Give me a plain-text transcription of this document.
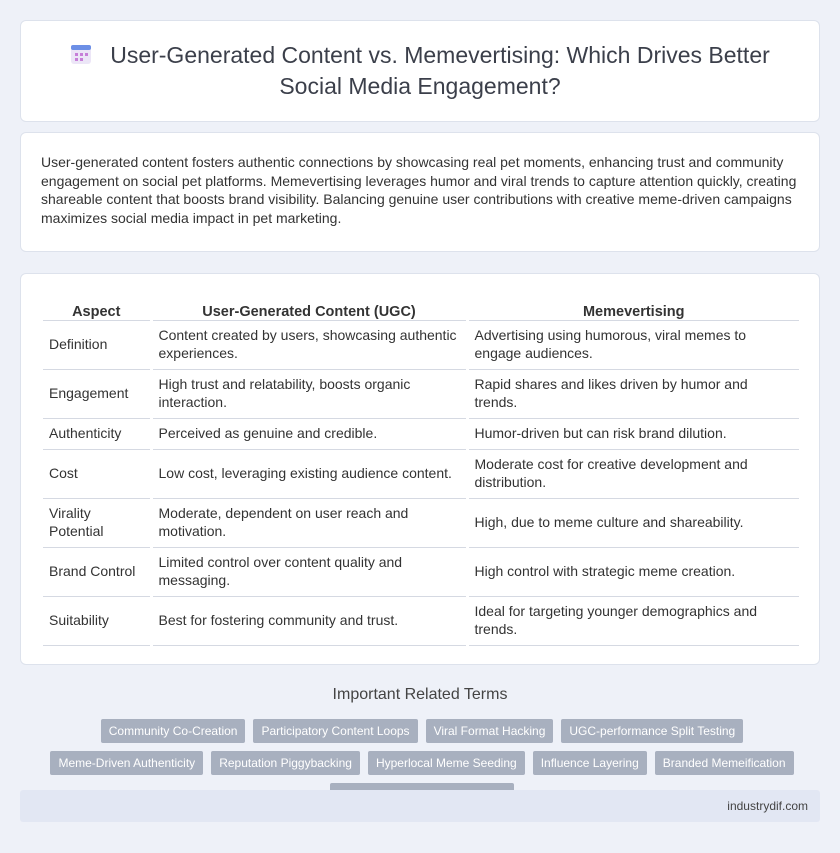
User-Generated Content vs. Memevertising: Which Drives Better Social Media Engagement?

User-generated content fosters authentic connections by showcasing real pet moments, enhancing trust and community engagement on social pet platforms. Memevertising leverages humor and viral trends to capture attention quickly, creating shareable content that boosts brand visibility. Balancing genuine user contributions with creative meme-driven campaigns maximizes social media impact in pet marketing.

Aspect	User-Generated Content (UGC)	Memevertising
Definition	Content created by users, showcasing authentic experiences.	Advertising using humorous, viral memes to engage audiences.
Engagement	High trust and relatability, boosts organic interaction.	Rapid shares and likes driven by humor and trends.
Authenticity	Perceived as genuine and credible.	Humor-driven but can risk brand dilution.
Cost	Low cost, leveraging existing audience content.	Moderate cost for creative development and distribution.
Virality Potential	Moderate, dependent on user reach and motivation.	High, due to meme culture and shareability.
Brand Control	Limited control over content quality and messaging.	High control with strategic meme creation.
Suitability	Best for fostering community and trust.	Ideal for targeting younger demographics and trends.
Important Related Terms
Community Co-Creation	Participatory Content Loops	Viral Format Hacking	UGC-performance Split Testing
Meme-Driven Authenticity	Reputation Piggybacking	Hyperlocal Meme Seeding	Influence Layering	Branded Memeification
industrydif.com
